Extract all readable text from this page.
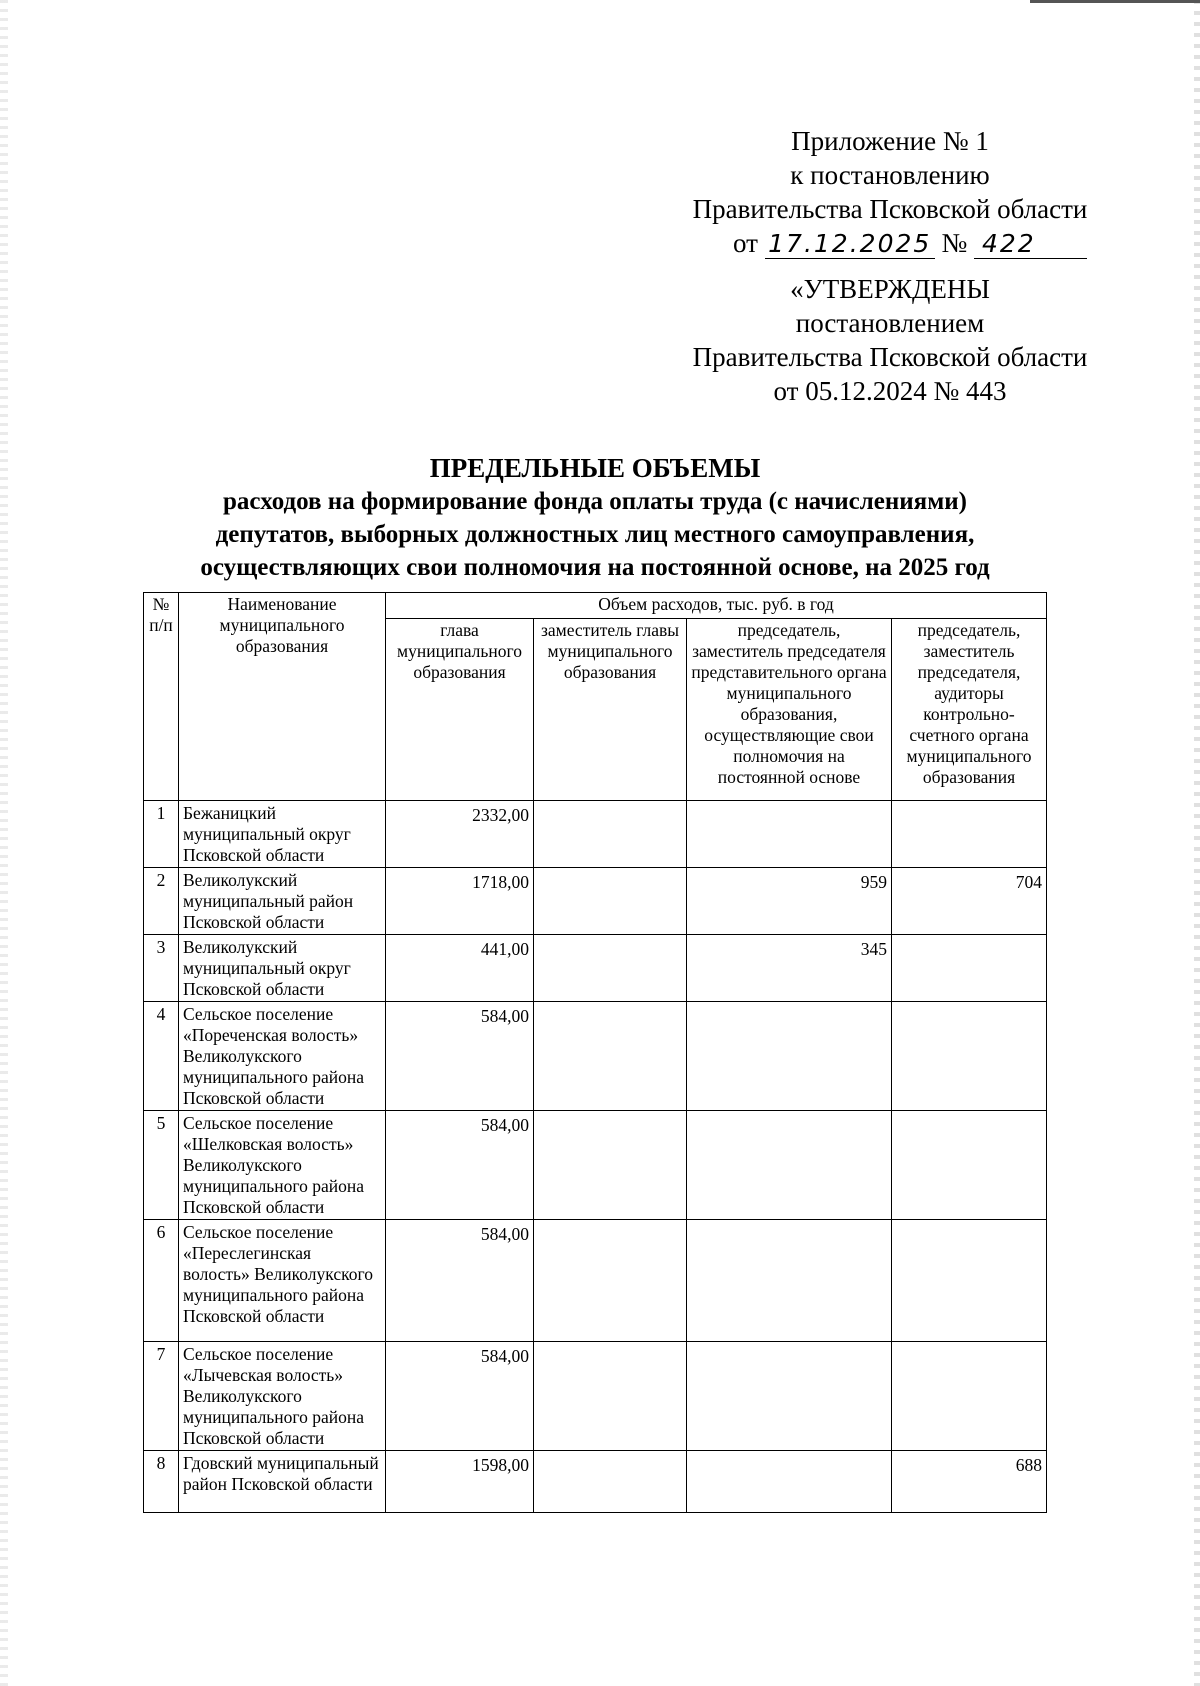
Приложение № 1
к постановлению
Правительства Псковской области
от 17.12.2025 № 422
«УТВЕРЖДЕНЫ
постановлением
Правительства Псковской области
от 05.12.2024 № 443
ПРЕДЕЛЬНЫЕ ОБЪЕМЫ
расходов на формирование фонда оплаты труда (с начислениями)
депутатов, выборных должностных лиц местного самоуправления,
осуществляющих свои полномочия на постоянной основе, на 2025 год
№ п/п	Наименование муниципального образования	Объем расходов, тыс. руб. в год			
		глава муниципального образования	заместитель главы муниципального образования	председатель, заместитель председателя представительного органа муниципального образования, осуществляющие свои полномочия на постоянной основе	председатель, заместитель председателя, аудиторы контрольно-счетного органа муниципального образования
1	Бежаницкий муниципальный округ Псковской области	2332,00			
2	Великолукский муниципальный район Псковской области	1718,00		959	704
3	Великолукский муниципальный округ Псковской области	441,00		345	
4	Сельское поселение «Пореченская волость» Великолукского муниципального района Псковской области	584,00			
5	Сельское поселение «Шелковская волость» Великолукского муниципального района Псковской области	584,00			
6	Сельское поселение «Переслегинская волость» Великолукского муниципального района Псковской области	584,00			
7	Сельское поселение «Лычевская волость» Великолукского муниципального района Псковской области	584,00			
8	Гдовский муниципальный район Псковской области	1598,00			688
